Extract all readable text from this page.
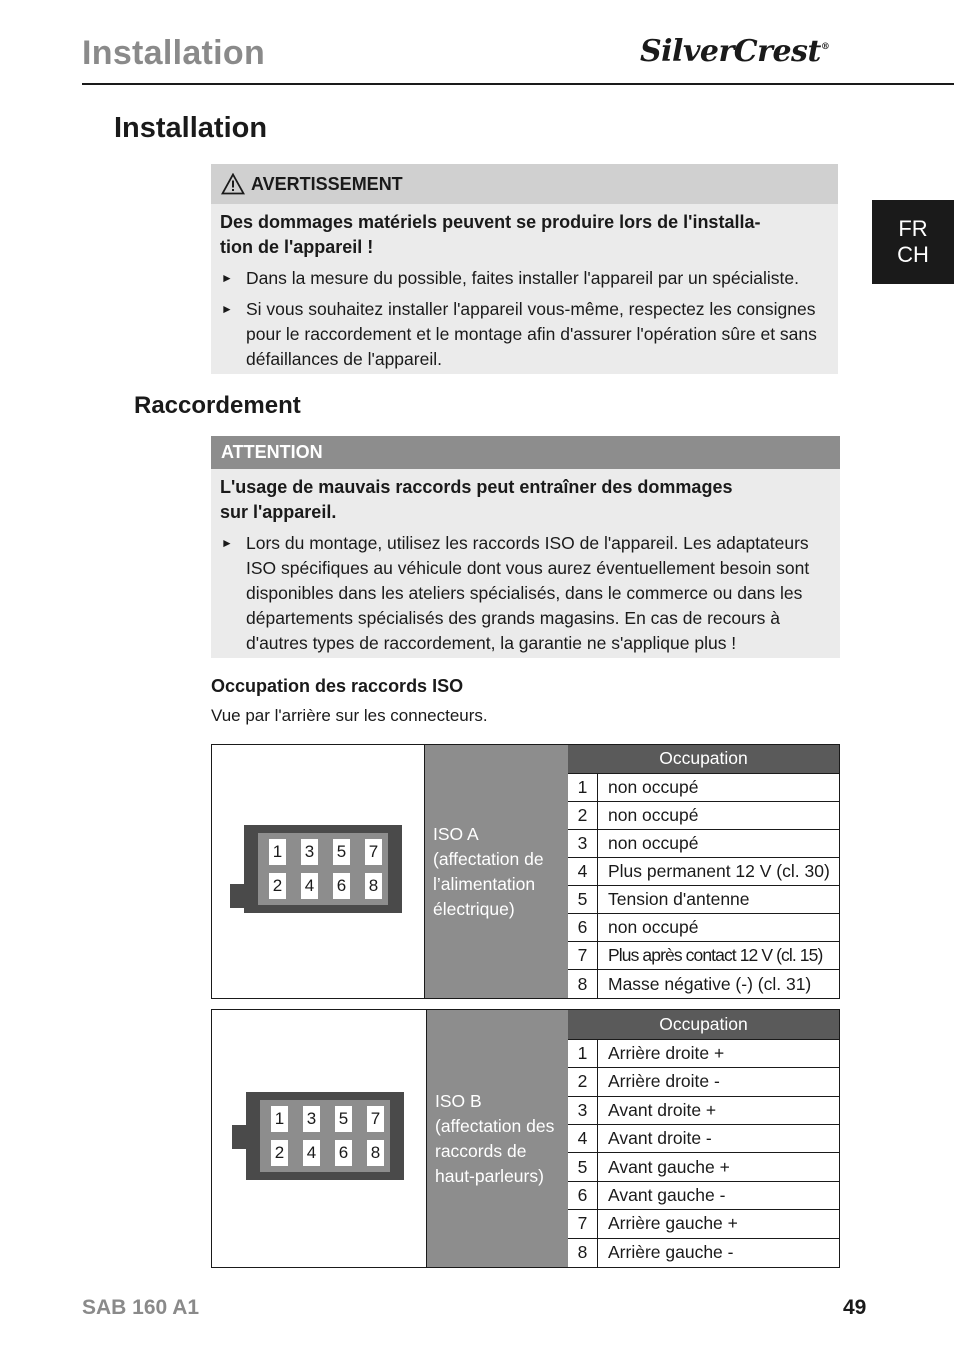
Installation	SilverCrest®
FR
CH
Installation
AVERTISSEMENT
Des dommages matériels peuvent se produire lors de l'installa-
tion de l'appareil !
► Dans la mesure du possible, faites installer l'appareil par un spécialiste.
► Si vous souhaitez installer l'appareil vous-même, respectez les consignes
pour le raccordement et le montage afin d'assurer l'opération sûre et sans
défaillances de l'appareil.
Raccordement
ATTENTION
L'usage de mauvais raccords peut entraîner des dommages
sur l'appareil.
► Lors du montage, utilisez les raccords ISO de l'appareil. Les adaptateurs
ISO spécifiques au véhicule dont vous aurez éventuellement besoin sont
disponibles dans les ateliers spécialisés, dans le commerce ou dans les
départements spécialisés des grands magasins. En cas de recours à
d'autres types de raccordement, la garantie ne s'applique plus !
Occupation des raccords ISO
Vue par l'arrière sur les connecteurs.
1 3 5 7
2 4 6 8
ISO A
(affectation de
l’alimentation
électrique)
Occupation
1	non occupé
2	non occupé
3	non occupé
4	Plus permanent 12 V (cl. 30)
5	Tension d'antenne
6	non occupé
7	Plus après contact 12 V (cl. 15)
8	Masse négative (-) (cl. 31)
1 3 5 7
2 4 6 8
ISO B
(affectation des
raccords de
haut-parleurs)
Occupation
1	Arrière droite +
2	Arrière droite -
3	Avant droite +
4	Avant droite -
5	Avant gauche +
6	Avant gauche -
7	Arrière gauche +
8	Arrière gauche -
SAB 160 A1	49
